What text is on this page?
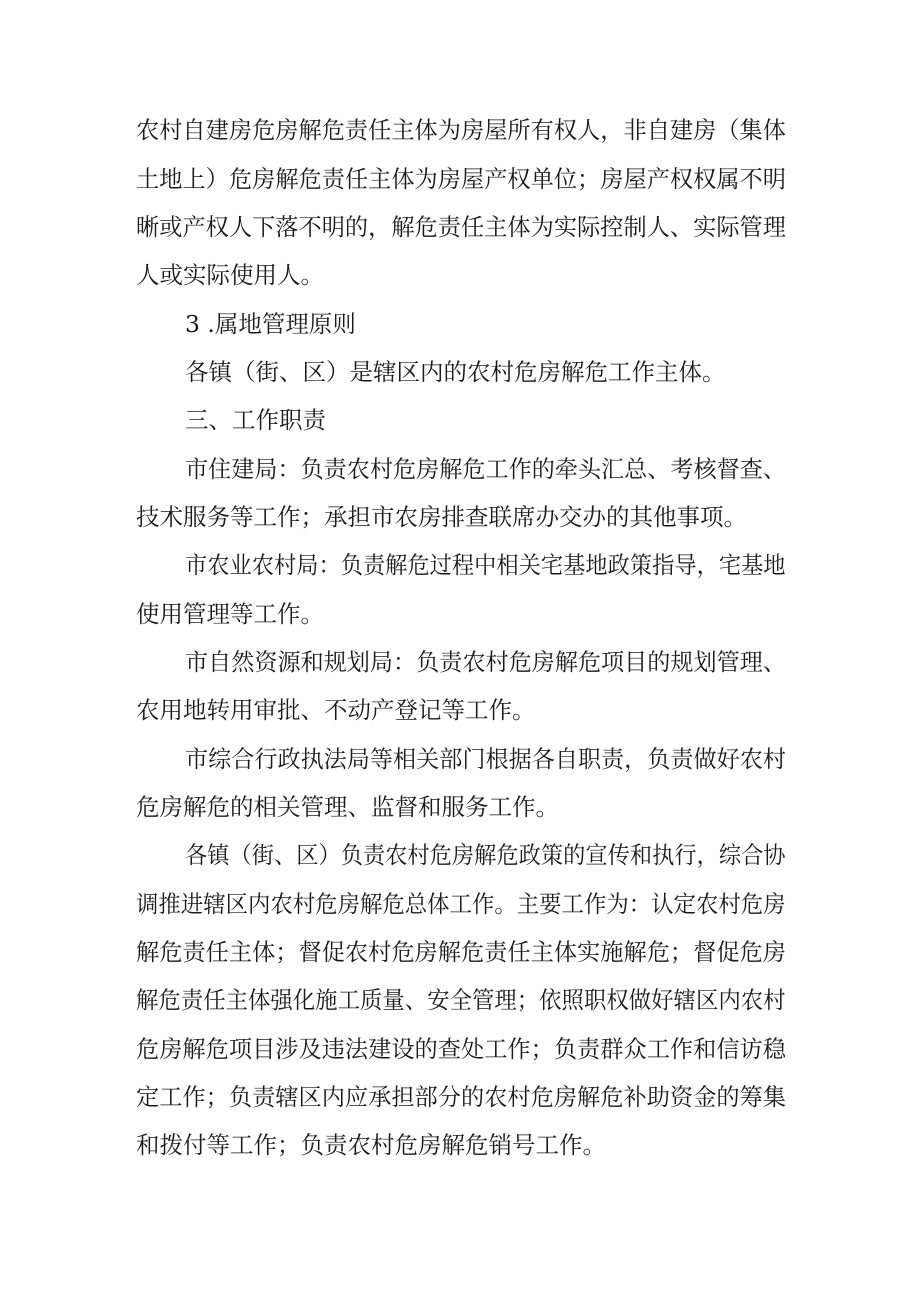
农村自建房危房解危责任主体为房屋所有权人，非自建房（集体
土地上）危房解危责任主体为房屋产权单位；房屋产权权属不明
晰或产权人下落不明的，解危责任主体为实际控制人、实际管理
人或实际使用人。
3 .属地管理原则
各镇（街、区）是辖区内的农村危房解危工作主体。
三、工作职责
市住建局：负责农村危房解危工作的牵头汇总、考核督查、
技术服务等工作；承担市农房排查联席办交办的其他事项。
市农业农村局：负责解危过程中相关宅基地政策指导，宅基地
使用管理等工作。
市自然资源和规划局：负责农村危房解危项目的规划管理、
农用地转用审批、不动产登记等工作。
市综合行政执法局等相关部门根据各自职责，负责做好农村
危房解危的相关管理、监督和服务工作。
各镇（街、区）负责农村危房解危政策的宣传和执行，综合协
调推进辖区内农村危房解危总体工作。主要工作为：认定农村危房
解危责任主体；督促农村危房解危责任主体实施解危；督促危房
解危责任主体强化施工质量、安全管理；依照职权做好辖区内农村
危房解危项目涉及违法建设的查处工作；负责群众工作和信访稳
定工作；负责辖区内应承担部分的农村危房解危补助资金的筹集
和拨付等工作；负责农村危房解危销号工作。
